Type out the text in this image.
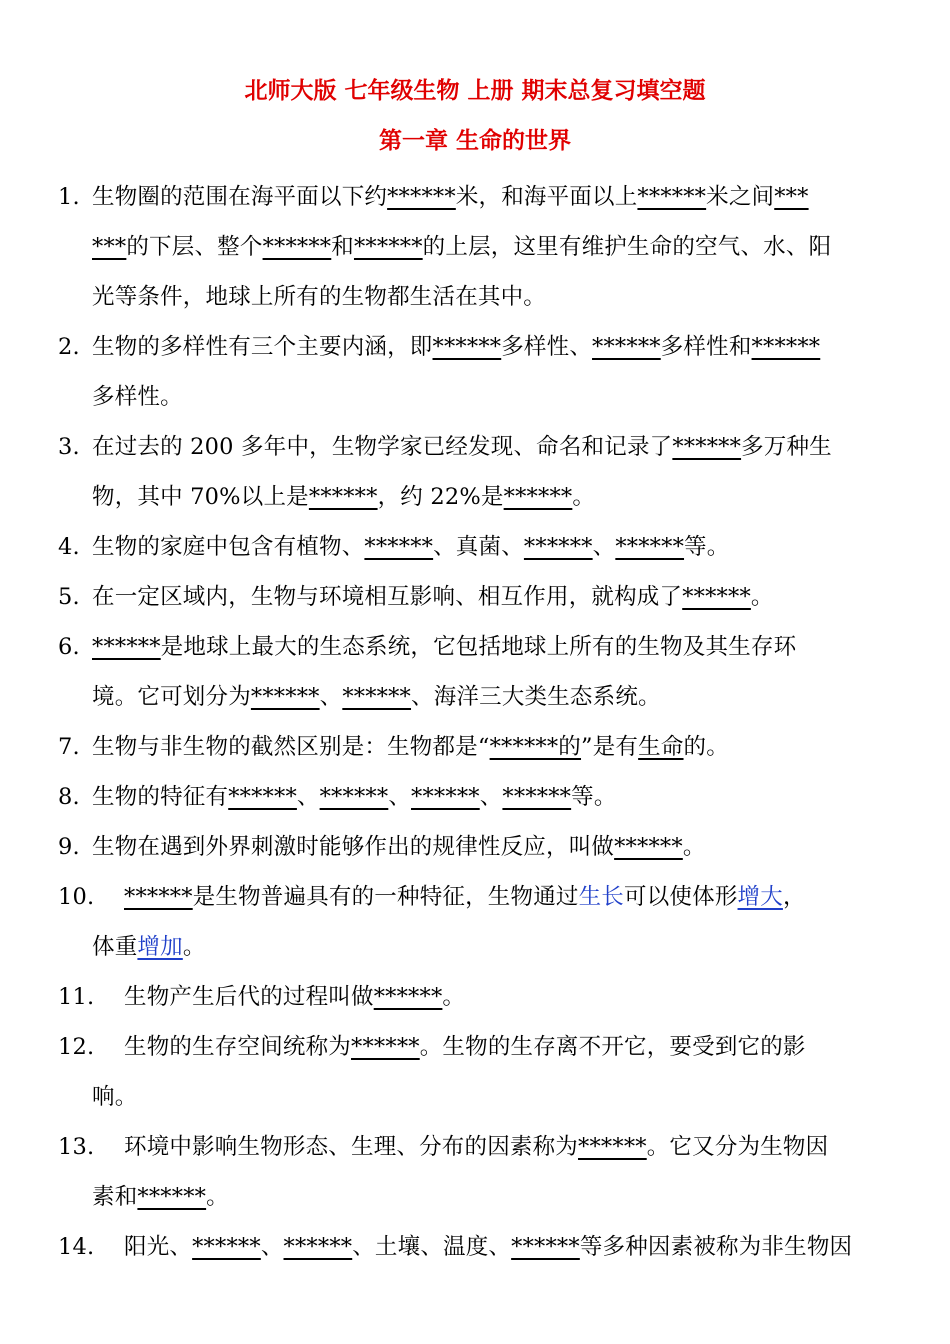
北师大版 七年级生物 上册 期末总复习填空题
第一章 生命的世界
1. 生物圈的范围在海平面以下约******米，和海平面以上******米之间***
***的下层、整个******和******的上层，这里有维护生命的空气、水、阳
光等条件，地球上所有的生物都生活在其中。
2. 生物的多样性有三个主要内涵，即******多样性、******多样性和******
多样性。
3. 在过去的 200 多年中，生物学家已经发现、命名和记录了******多万种生
物，其中 70%以上是******，约 22%是******。
4. 生物的家庭中包含有植物、******、真菌、******、******等。
5. 在一定区域内，生物与环境相互影响、相互作用，就构成了******。
6. ******是地球上最大的生态系统，它包括地球上所有的生物及其生存环
境。它可划分为******、******、海洋三大类生态系统。
7. 生物与非生物的截然区别是：生物都是“******的”是有生命的。
8. 生物的特征有******、******、******、******等。
9. 生物在遇到外界刺激时能够作出的规律性反应，叫做******。
10.	******是生物普遍具有的一种特征，生物通过生长可以使体形增大，
体重增加。
11.	生物产生后代的过程叫做******。
12.	生物的生存空间统称为******。生物的生存离不开它，要受到它的影
响。
13.	环境中影响生物形态、生理、分布的因素称为******。它又分为生物因
素和******。
14.	阳光、******、******、土壤、温度、******等多种因素被称为非生物因
